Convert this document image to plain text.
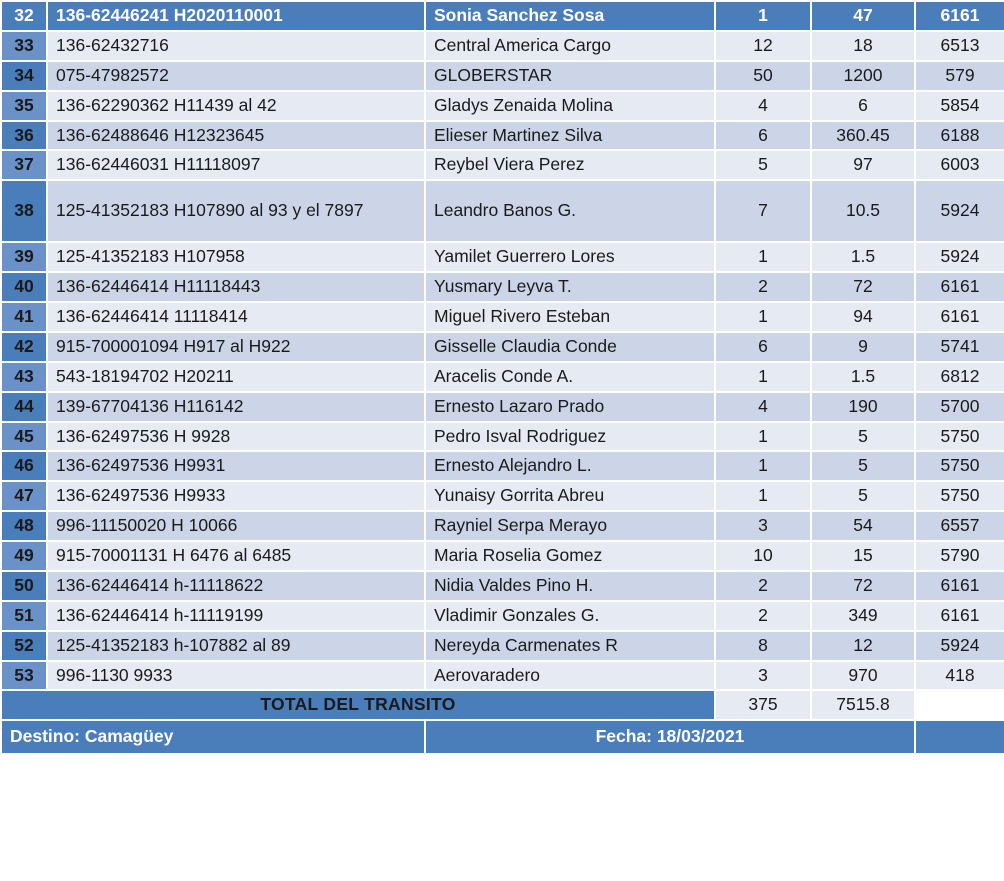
32	136-62446241 H2020110001	Sonia Sanchez Sosa	1	47	6161
33	136-62432716	Central America Cargo	12	18	6513
34	075-47982572	GLOBERSTAR	50	1200	579
35	136-62290362 H11439 al 42	Gladys Zenaida Molina	4	6	5854
36	136-62488646 H12323645	Elieser Martinez Silva	6	360.45	6188
37	136-62446031 H11118097	Reybel Viera Perez	5	97	6003
38	125-41352183 H107890 al 93 y el 7897	Leandro Banos G.	7	10.5	5924
39	125-41352183 H107958	Yamilet Guerrero Lores	1	1.5	5924
40	136-62446414 H11118443	Yusmary Leyva T.	2	72	6161
41	136-62446414 11118414	Miguel Rivero Esteban	1	94	6161
42	915-700001094 H917 al H922	Gisselle Claudia Conde	6	9	5741
43	543-18194702 H20211	Aracelis Conde A.	1	1.5	6812
44	139-67704136 H116142	Ernesto Lazaro Prado	4	190	5700
45	136-62497536 H 9928	Pedro Isval Rodriguez	1	5	5750
46	136-62497536 H9931	Ernesto Alejandro L.	1	5	5750
47	136-62497536 H9933	Yunaisy Gorrita Abreu	1	5	5750
48	996-11150020 H 10066	Rayniel Serpa Merayo	3	54	6557
49	915-70001131 H 6476 al 6485	Maria Roselia Gomez	10	15	5790
50	136-62446414 h-11118622	Nidia Valdes Pino H.	2	72	6161
51	136-62446414 h-11119199	Vladimir Gonzales G.	2	349	6161
52	125-41352183 h-107882 al 89	Nereyda Carmenates R	8	12	5924
53	996-1130 9933	Aerovaradero	3	970	418
TOTAL DEL TRANSITO			375	7515.8	
Destino: Camagüey		Fecha: 18/03/2021			
